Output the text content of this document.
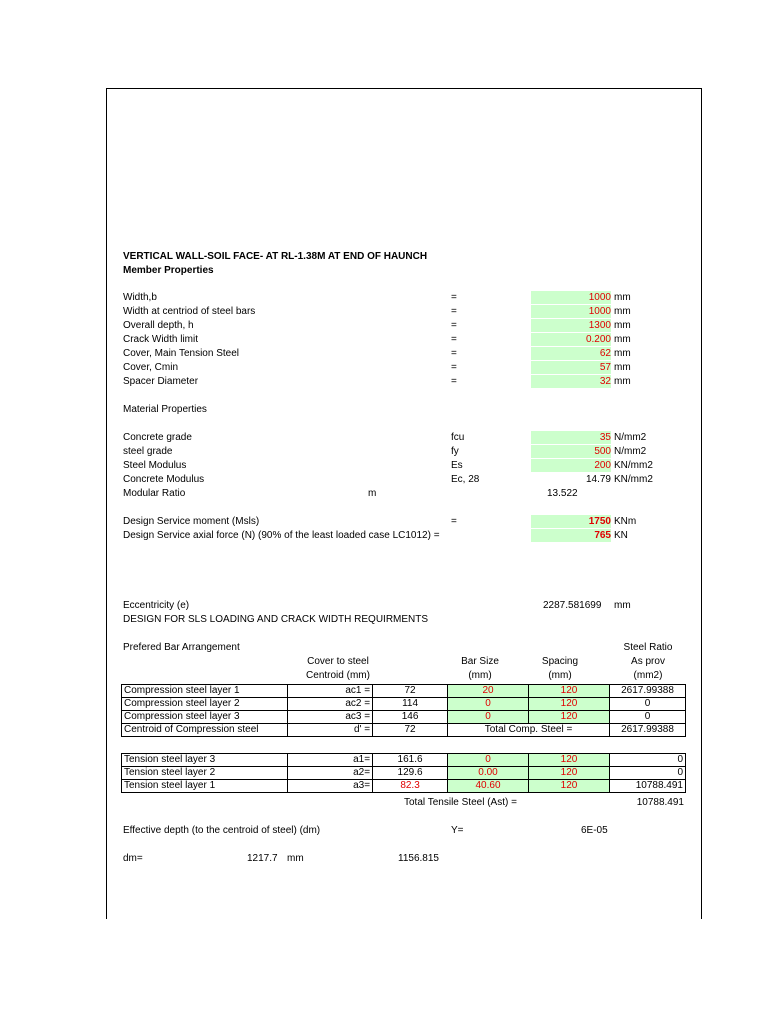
VERTICAL WALL-SOIL FACE- AT RL-1.38M AT END OF HAUNCH
Member Properties
Width,b	=	1000 mm
Width at centriod of steel bars	=	1000 mm
Overall depth, h	=	1300 mm
Crack Width limit	=	0.200 mm
Cover, Main Tension Steel	=	62 mm
Cover, Cmin	=	57 mm
Spacer Diameter	=	32 mm
Material Properties
Concrete grade	fcu	35 N/mm2
steel grade	fy	500 N/mm2
Steel Modulus	Es	200 KN/mm2
Concrete Modulus	Ec, 28	14.79 KN/mm2
Modular Ratio	m	13.522
Design Service moment (Msls)	=	1750 KNm
Design Service axial force (N) (90% of the least loaded case LC1012) =	765 KN
Eccentricity (e)	2287.581699 mm
DESIGN FOR SLS LOADING AND CRACK WIDTH REQUIRMENTS
Prefered Bar Arrangement	Steel Ratio
Cover to steel	Bar Size	Spacing	As prov
Centroid (mm)	(mm)	(mm)	(mm2)
Compression steel layer 1	ac1 =	72	20	120	2617.99388
Compression steel layer 2	ac2 =	114	0	120	0
Compression steel layer 3	ac3 =	146	0	120	0
Centroid of Compression steel	d' =	72	Total Comp. Steel =		2617.99388
Tension steel layer 3	a1=	161.6	0	120	0
Tension steel layer 2	a2=	129.6	0.00	120	0
Tension steel layer 1	a3=	82.3	40.60	120	10788.491
Total Tensile Steel (Ast) =	10788.491
Effective depth (to the centroid of steel) (dm)	Y=	6E-05
dm=	1217.7 mm	1156.815
